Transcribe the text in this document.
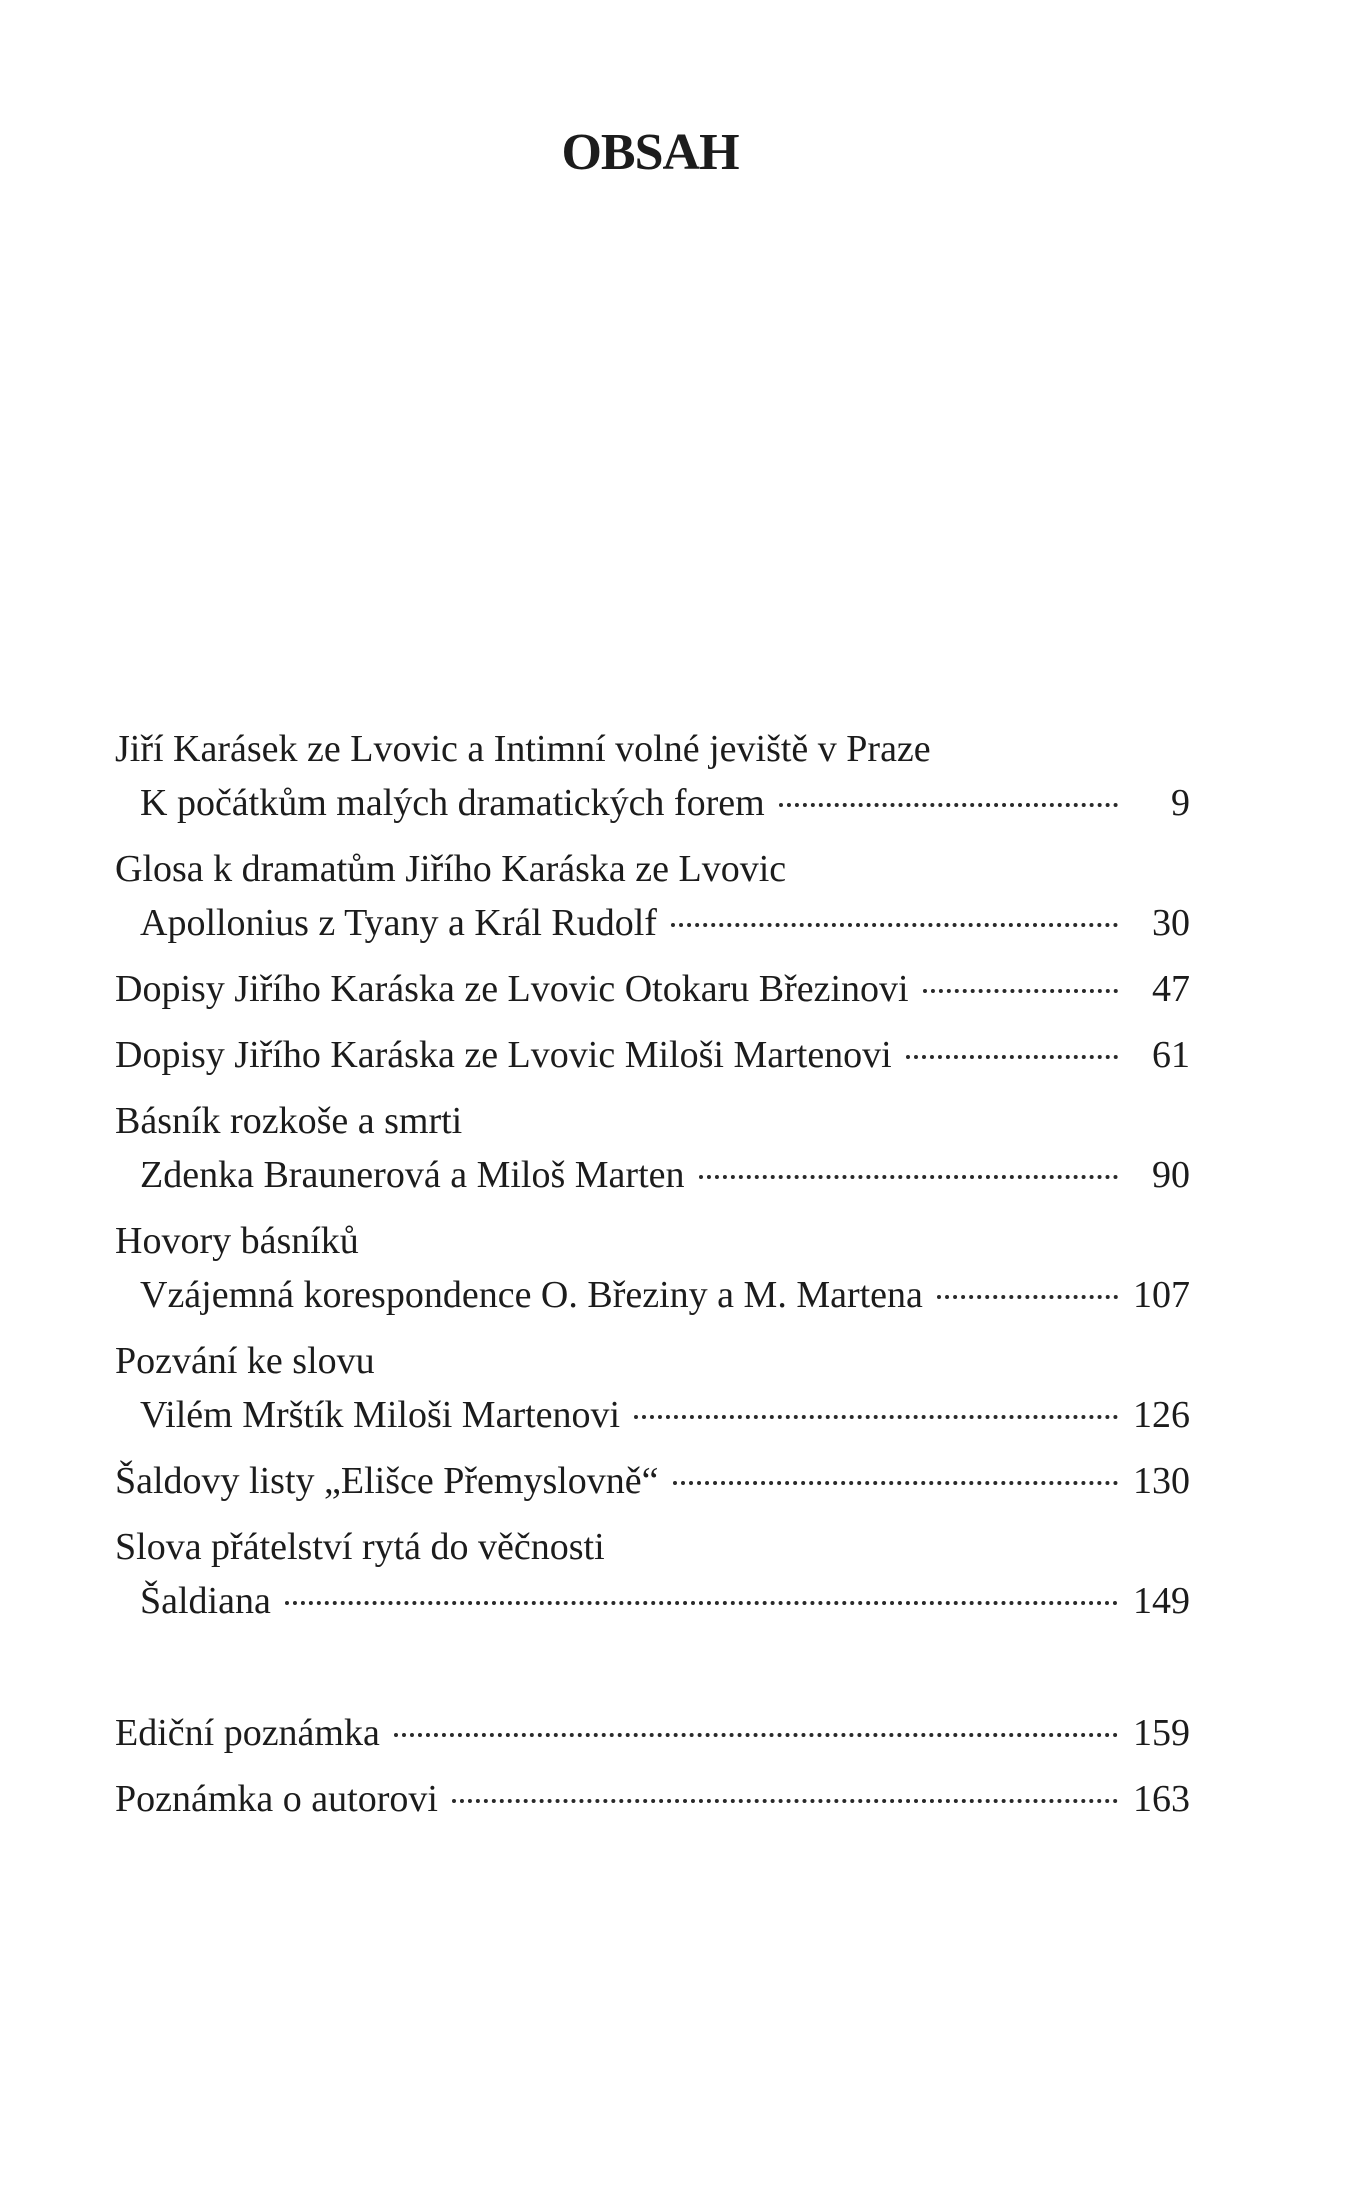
OBSAH
Jiří Karásek ze Lvovic a Intimní volné jeviště v Praze
K počátkům malých dramatických forem	9
Glosa k dramatům Jiřího Karáska ze Lvovic
Apollonius z Tyany a Král Rudolf	30
Dopisy Jiřího Karáska ze Lvovic Otokaru Březinovi	47
Dopisy Jiřího Karáska ze Lvovic Miloši Martenovi	61
Básník rozkoše a smrti
Zdenka Braunerová a Miloš Marten	90
Hovory básníků
Vzájemná korespondence O. Březiny a M. Martena	107
Pozvání ke slovu
Vilém Mrštík Miloši Martenovi	126
Šaldovy listy „Elišce Přemyslovně“	130
Slova přátelství rytá do věčnosti
Šaldiana	149
Ediční poznámka	159
Poznámka o autorovi	163
